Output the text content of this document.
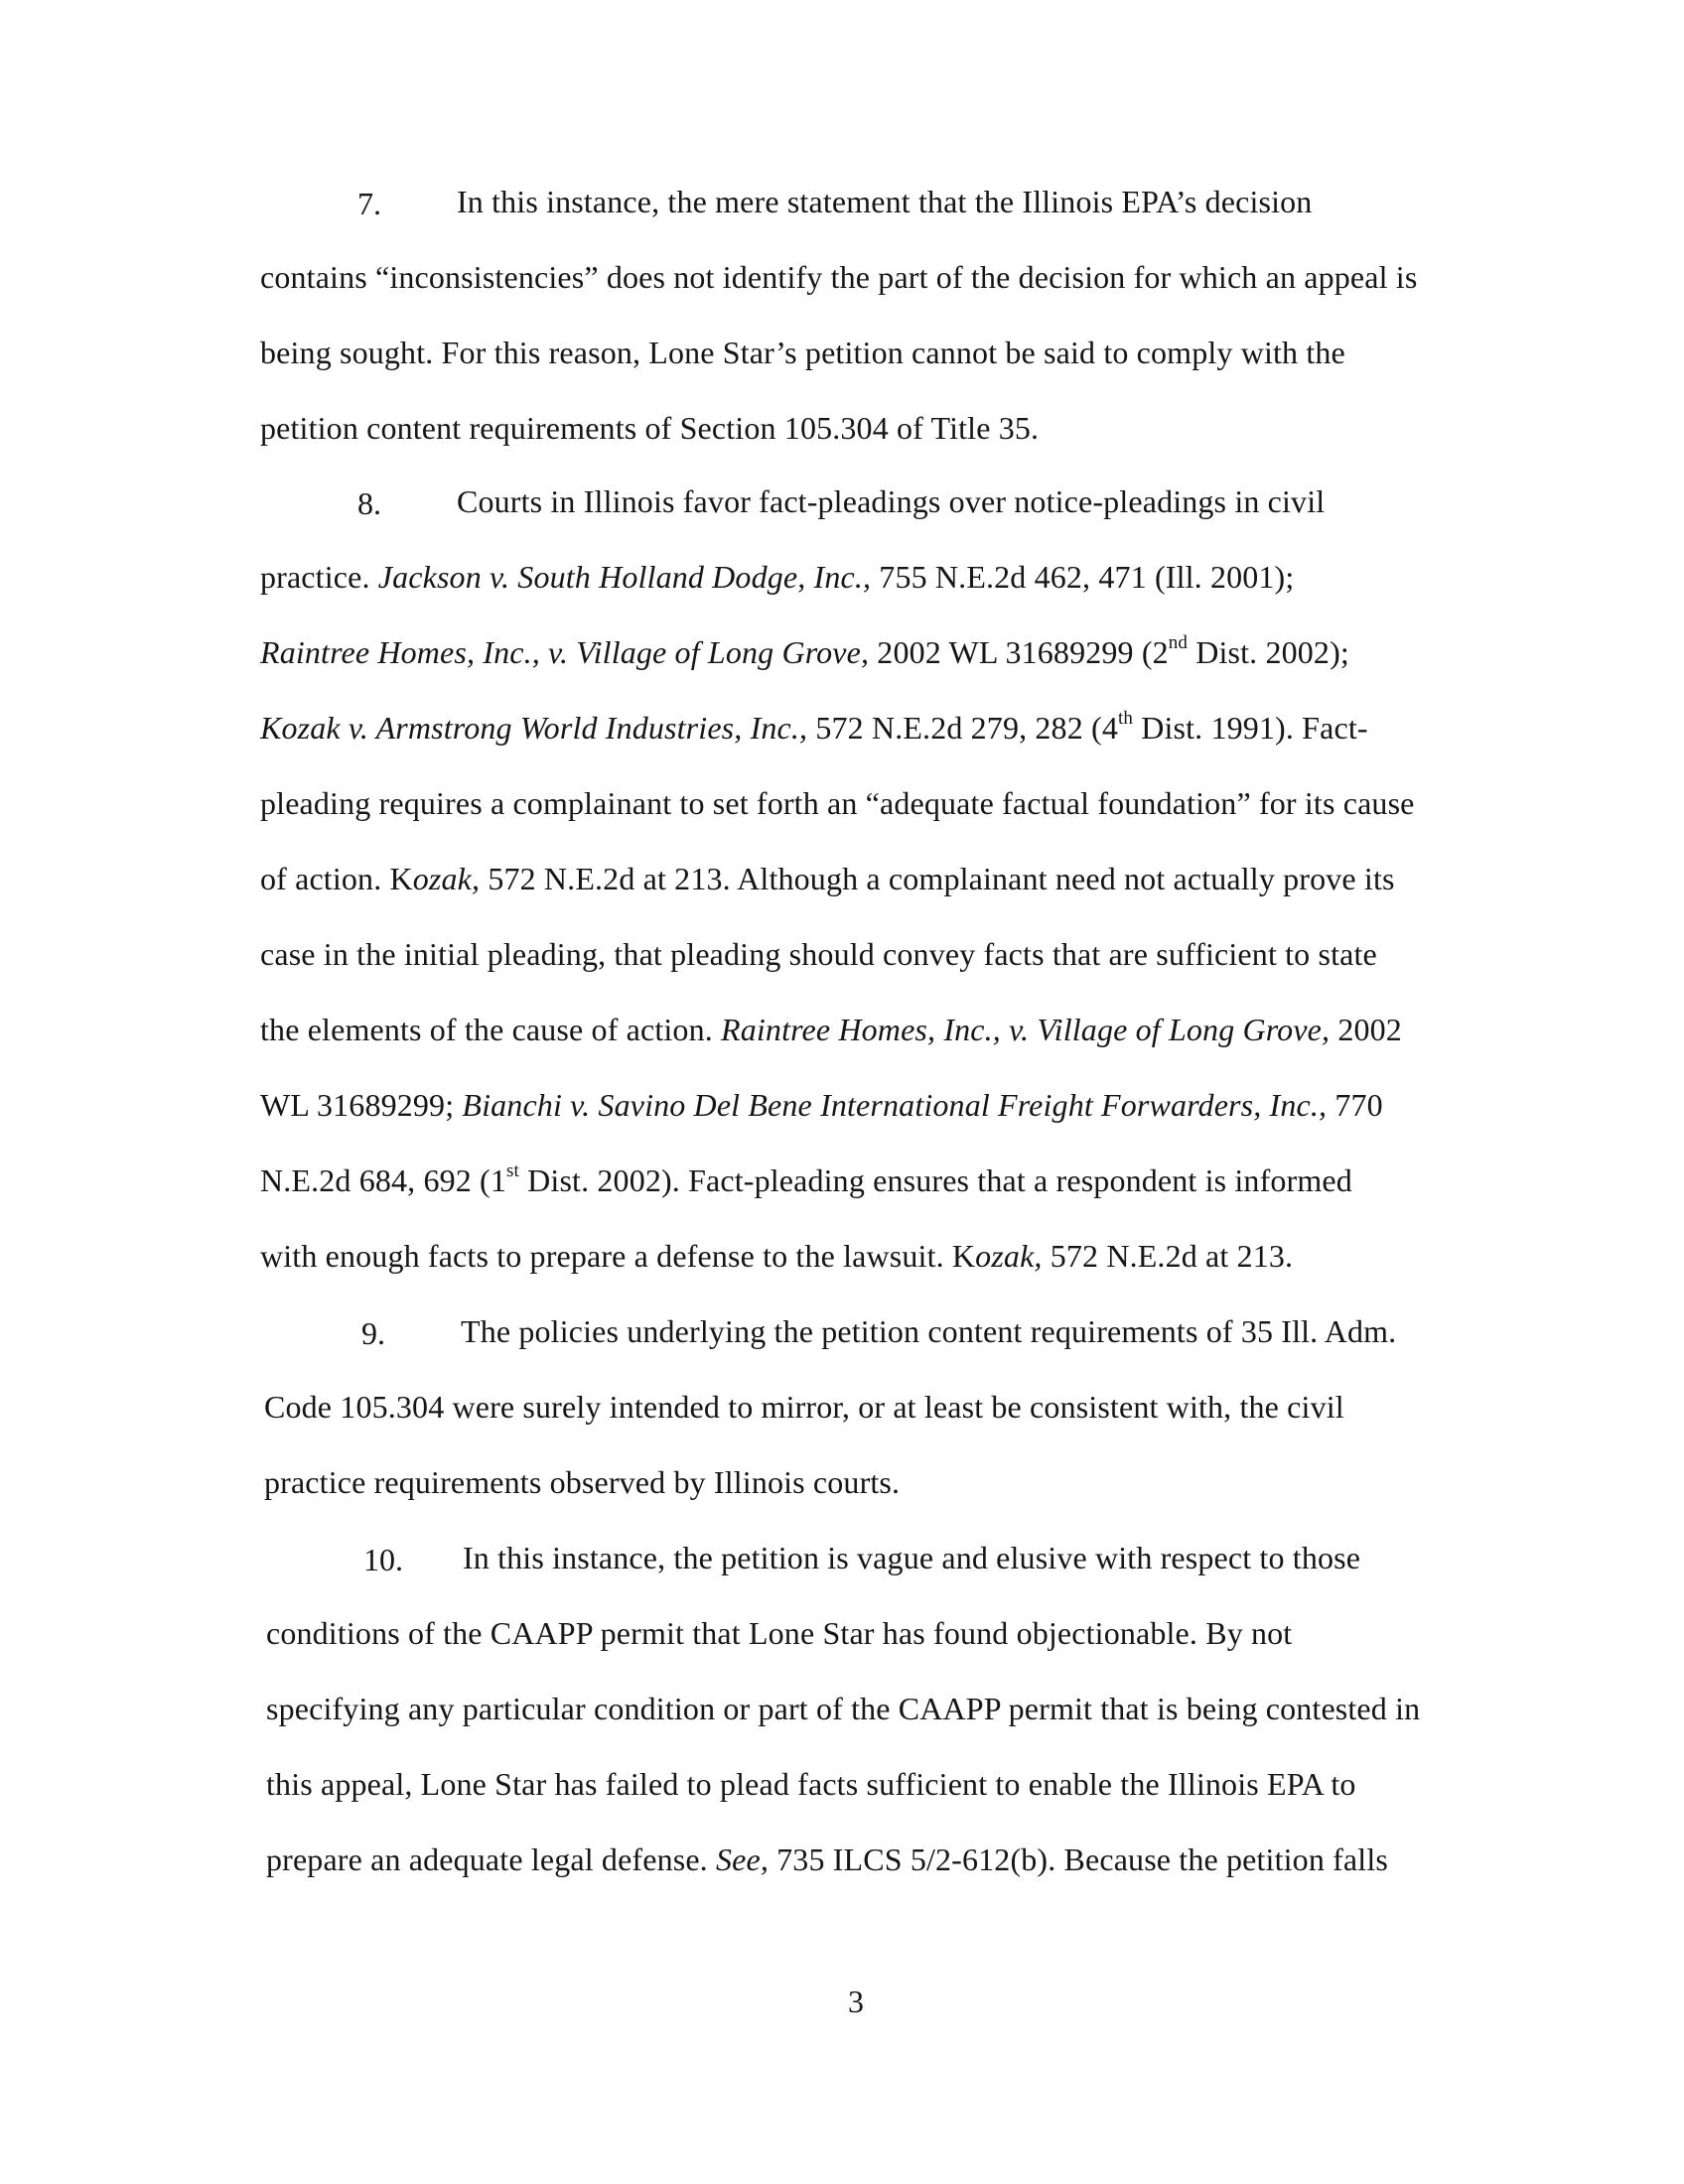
7. In this instance, the mere statement that the Illinois EPA’s decision
contains “inconsistencies” does not identify the part of the decision for which an appeal is
being sought. For this reason, Lone Star’s petition cannot be said to comply with the
petition content requirements of Section 105.304 of Title 35.
8. Courts in Illinois favor fact-pleadings over notice-pleadings in civil
practice. Jackson v. South Holland Dodge, Inc., 755 N.E.2d 462, 471 (Ill. 2001);
Raintree Homes, Inc., v. Village of Long Grove, 2002 WL 31689299 (2nd Dist. 2002);
Kozak v. Armstrong World Industries, Inc., 572 N.E.2d 279, 282 (4th Dist. 1991). Fact-
pleading requires a complainant to set forth an “adequate factual foundation” for its cause
of action. Kozak, 572 N.E.2d at 213. Although a complainant need not actually prove its
case in the initial pleading, that pleading should convey facts that are sufficient to state
the elements of the cause of action. Raintree Homes, Inc., v. Village of Long Grove, 2002
WL 31689299; Bianchi v. Savino Del Bene International Freight Forwarders, Inc., 770
N.E.2d 684, 692 (1st Dist. 2002). Fact-pleading ensures that a respondent is informed
with enough facts to prepare a defense to the lawsuit. Kozak, 572 N.E.2d at 213.
9. The policies underlying the petition content requirements of 35 Ill. Adm.
Code 105.304 were surely intended to mirror, or at least be consistent with, the civil
practice requirements observed by Illinois courts.
10. In this instance, the petition is vague and elusive with respect to those
conditions of the CAAPP permit that Lone Star has found objectionable. By not
specifying any particular condition or part of the CAAPP permit that is being contested in
this appeal, Lone Star has failed to plead facts sufficient to enable the Illinois EPA to
prepare an adequate legal defense. See, 735 ILCS 5/2-612(b). Because the petition falls
3
